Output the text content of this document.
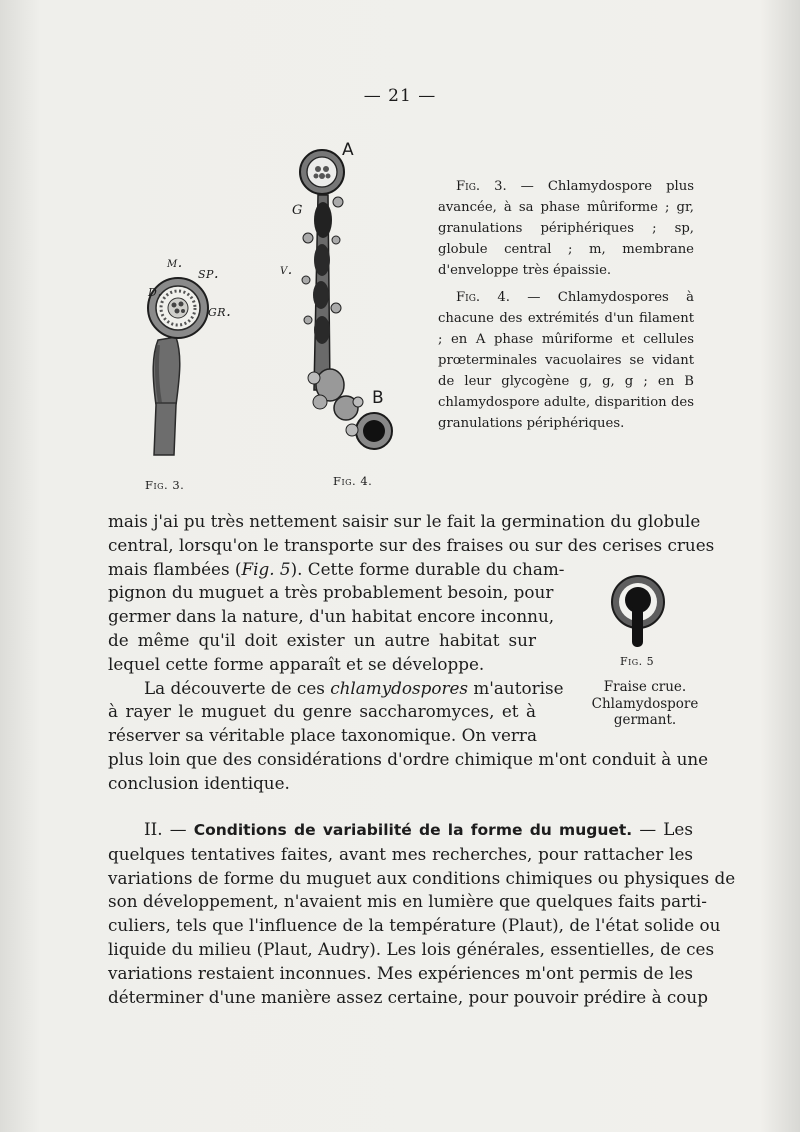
— 21 —
m.
d.
sp.
gr.
A
B
v.
g
Fig. 3.	Fig. 4.

Fig. 3. — Chlamydospore plus avancée, à sa phase mûriforme ; gr, granulations périphériques ; sp, globule central ; m, membrane d'enveloppe très épaissie.

Fig. 4. — Chlamydospores à chacune des extrémités d'un filament ; en A phase mûriforme et cellules prœterminales vacuolaires se vidant de leur glycogène g, g, g ; en B chlamydospore adulte, disparition des granulations périphériques.

Fig. 5
Fraise crue.
Chlamydospore
germant.
mais j'ai pu très nettement saisir sur le fait la germination du globule
central, lorsqu'on le transporte sur des fraises ou sur des cerises crues
mais flambées (Fig. 5). Cette forme durable du cham-
pignon du muguet a très probablement besoin, pour
germer dans la nature, d'un habitat encore inconnu,
de même qu'il doit exister un autre habitat sur
lequel cette forme apparaît et se développe.
La découverte de ces chlamydospores m'autorise
à rayer le muguet du genre saccharomyces, et à
réserver sa véritable place taxonomique. On verra
plus loin que des considérations d'ordre chimique m'ont conduit à une
conclusion identique.
II. — Conditions de variabilité de la forme du muguet. — Les
quelques tentatives faites, avant mes recherches, pour rattacher les
variations de forme du muguet aux conditions chimiques ou physiques de
son développement, n'avaient mis en lumière que quelques faits parti-
culiers, tels que l'influence de la température (Plaut), de l'état solide ou
liquide du milieu (Plaut, Audry). Les lois générales, essentielles, de ces
variations restaient inconnues. Mes expériences m'ont permis de les
déterminer d'une manière assez certaine, pour pouvoir prédire à coup
